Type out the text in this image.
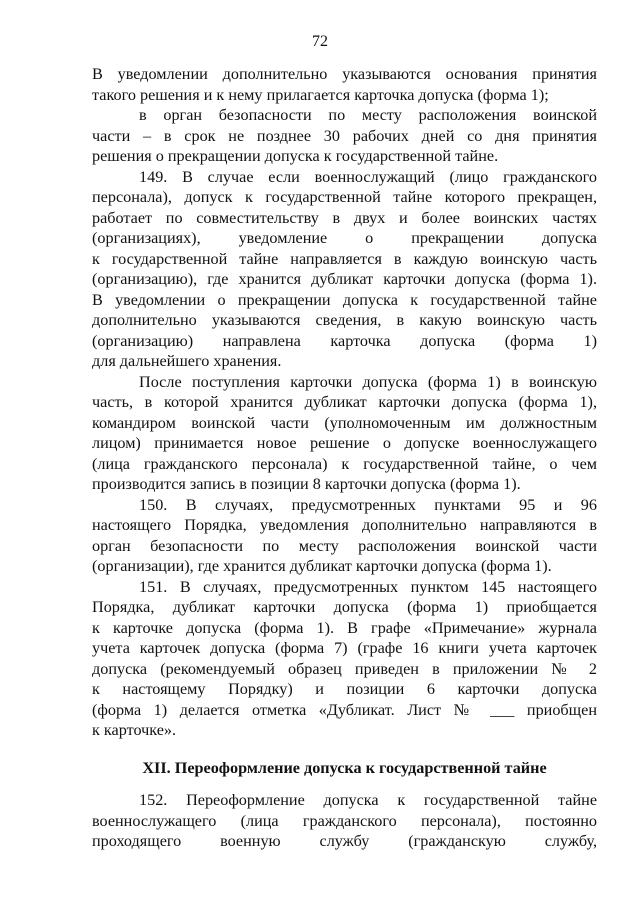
72
В уведомлении дополнительно указываются основания принятия
такого решения и к нему прилагается карточка допуска (форма 1);
в орган безопасности по месту расположения воинской
части – в срок не позднее 30 рабочих дней со дня принятия
решения о прекращении допуска к государственной тайне.
149. В случае если военнослужащий (лицо гражданского
персонала), допуск к государственной тайне которого прекращен,
работает по совместительству в двух и более воинских частях
(организациях), уведомление о прекращении допуска
к государственной тайне направляется в каждую воинскую часть
(организацию), где хранится дубликат карточки допуска (форма 1).
В уведомлении о прекращении допуска к государственной тайне
дополнительно указываются сведения, в какую воинскую часть
(организацию) направлена карточка допуска (форма 1)
для дальнейшего хранения.
После поступления карточки допуска (форма 1) в воинскую
часть, в которой хранится дубликат карточки допуска (форма 1),
командиром воинской части (уполномоченным им должностным
лицом) принимается новое решение о допуске военнослужащего
(лица гражданского персонала) к государственной тайне, о чем
производится запись в позиции 8 карточки допуска (форма 1).
150. В случаях, предусмотренных пунктами 95 и 96
настоящего Порядка, уведомления дополнительно направляются в
орган безопасности по месту расположения воинской части
(организации), где хранится дубликат карточки допуска (форма 1).
151. В случаях, предусмотренных пунктом 145 настоящего
Порядка, дубликат карточки допуска (форма 1) приобщается
к карточке допуска (форма 1). В графе «Примечание» журнала
учета карточек допуска (форма 7) (графе 16 книги учета карточек
допуска (рекомендуемый образец приведен в приложении № 2
к настоящему Порядку) и позиции 6 карточки допуска
(форма 1) делается отметка «Дубликат. Лист № ___ приобщен
к карточке».
XII. Переоформление допуска к государственной тайне
152. Переоформление допуска к государственной тайне
военнослужащего (лица гражданского персонала), постоянно
проходящего военную службу (гражданскую службу,
